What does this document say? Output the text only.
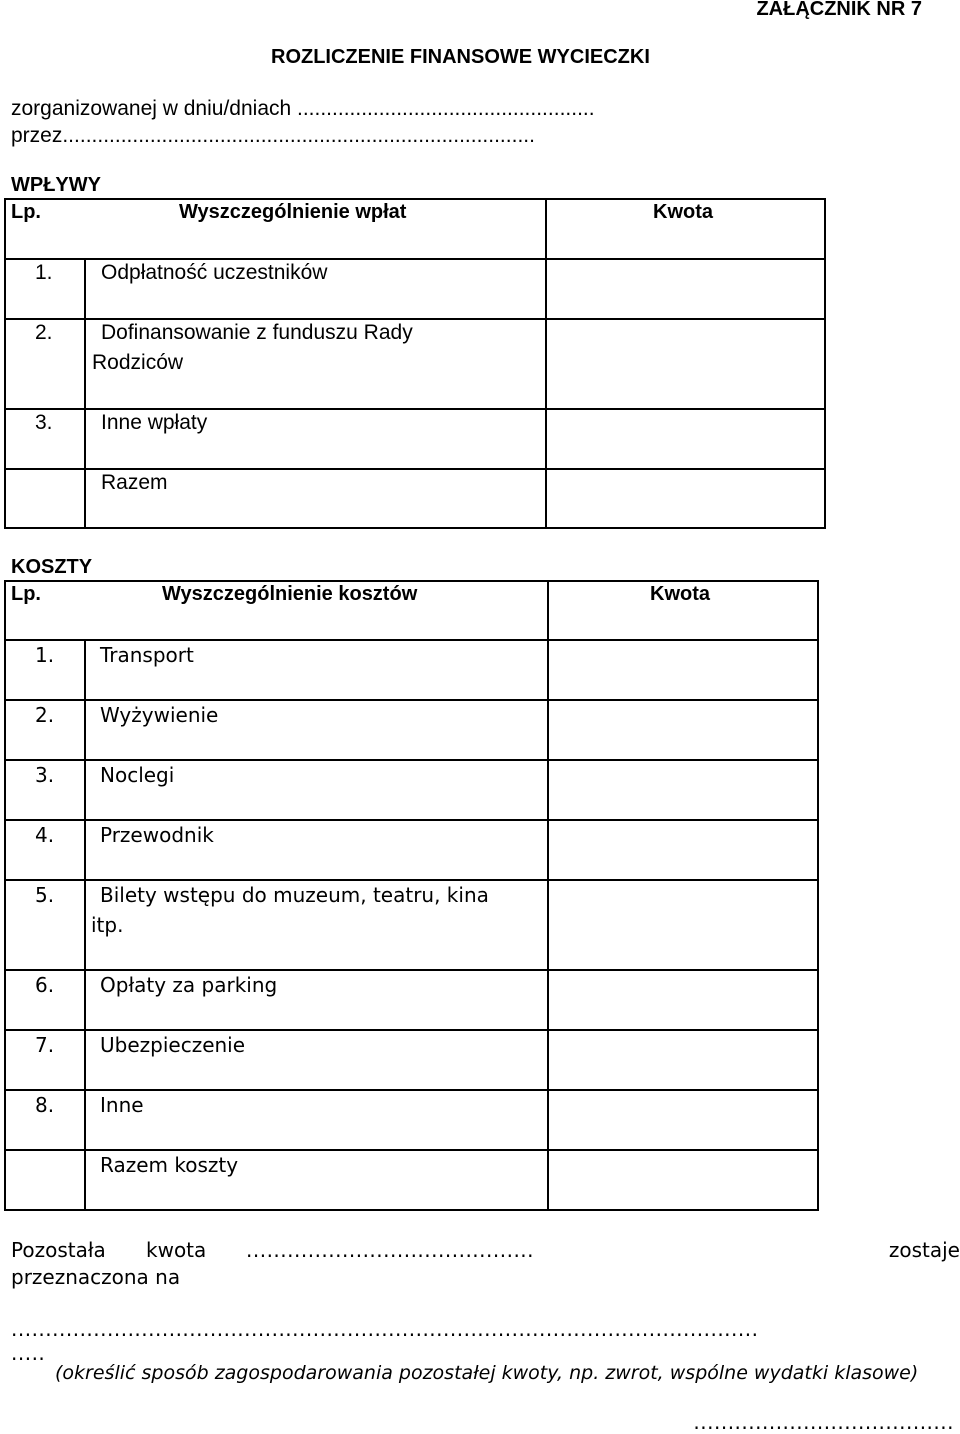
ZAŁĄCZNIK NR 7
ROZLICZENIE FINANSOWE WYCIECZKI
zorganizowanej w dniu/dniach ...................................................
przez.................................................................................
WPŁYWY
Lp.	Wyszczególnienie wpłat	Kwota
1. Odpłatność uczestników
2. Dofinansowanie z funduszu Rady
Rodziców
3. Inne wpłaty
Razem
KOSZTY
Lp.	Wyszczególnienie kosztów	Kwota
1. Transport
2. Wyżywienie
3. Noclegi
4. Przewodnik
5. Bilety wstępu do muzeum, teatru, kina
itp.
6. Opłaty za parking
7. Ubezpieczenie
8. Inne
Razem koszty
Pozostała kwota ..........................................	zostaje
przeznaczona na
.............................................................................................................
.....
(określić sposób zagospodarowania pozostałej kwoty, np. zwrot, wspólne wydatki klasowe)
......................................
